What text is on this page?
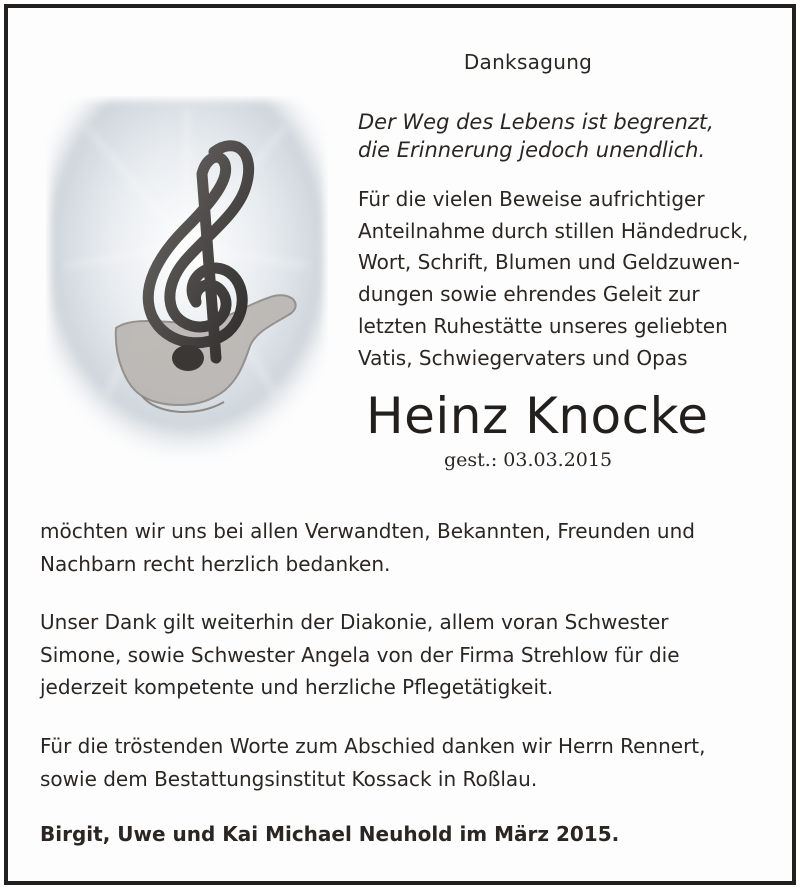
Danksagung
Der Weg des Lebens ist begrenzt,
die Erinnerung jedoch unendlich.
Für die vielen Beweise aufrichtiger
Anteilnahme durch stillen Händedruck,
Wort, Schrift, Blumen und Geldzuwen-
dungen sowie ehrendes Geleit zur
letzten Ruhestätte unseres geliebten
Vatis, Schwiegervaters und Opas
Heinz Knocke
gest.: 03.03.2015
möchten wir uns bei allen Verwandten, Bekannten, Freunden und
Nachbarn recht herzlich bedanken.
Unser Dank gilt weiterhin der Diakonie, allem voran Schwester
Simone, sowie Schwester Angela von der Firma Strehlow für die
jederzeit kompetente und herzliche Pflegetätigkeit.
Für die tröstenden Worte zum Abschied danken wir Herrn Rennert,
sowie dem Bestattungsinstitut Kossack in Roßlau.
Birgit, Uwe und Kai Michael Neuhold im März 2015.
